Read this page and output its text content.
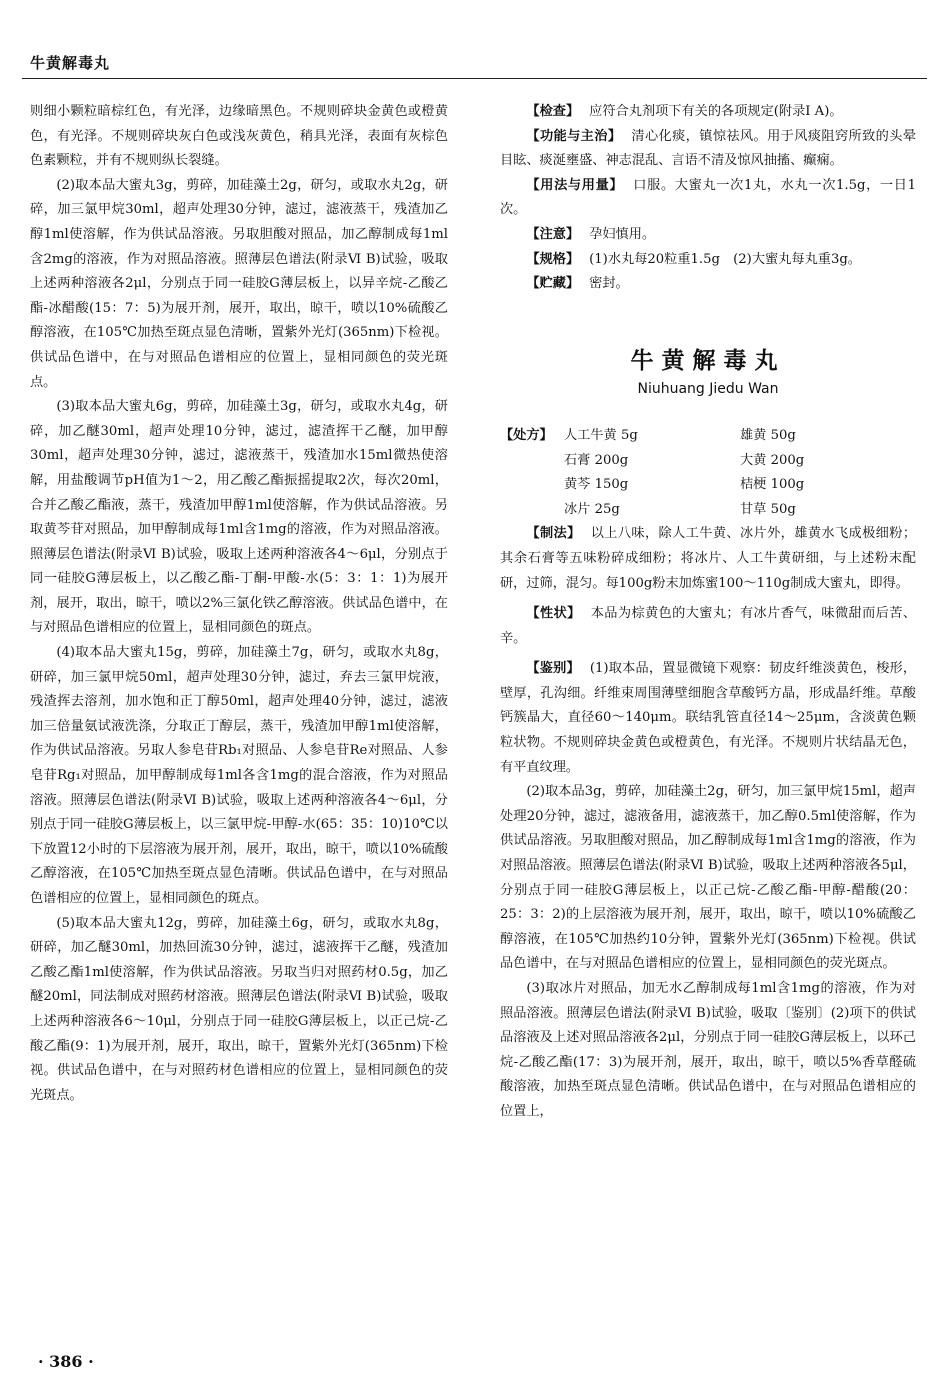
牛黄解毒丸

则细小颗粒暗棕红色，有光泽，边缘暗黑色。不规则碎块金黄色或橙黄色，有光泽。不规则碎块灰白色或浅灰黄色，稍具光泽，表面有灰棕色色素颗粒，并有不规则纵长裂缝。

(2)取本品大蜜丸3g，剪碎，加硅藻土2g，研匀，或取水丸2g，研碎，加三氯甲烷30ml，超声处理30分钟，滤过，滤液蒸干，残渣加乙醇1ml使溶解，作为供试品溶液。另取胆酸对照品，加乙醇制成每1ml含2mg的溶液，作为对照品溶液。照薄层色谱法(附录Ⅵ B)试验，吸取上述两种溶液各2μl，分别点于同一硅胶G薄层板上，以异辛烷-乙酸乙酯-冰醋酸(15：7：5)为展开剂，展开，取出，晾干，喷以10%硫酸乙醇溶液，在105℃加热至斑点显色清晰，置紫外光灯(365nm)下检视。供试品色谱中，在与对照品色谱相应的位置上，显相同颜色的荧光斑点。

(3)取本品大蜜丸6g，剪碎，加硅藻土3g，研匀，或取水丸4g，研碎，加乙醚30ml，超声处理10分钟，滤过，滤渣挥干乙醚，加甲醇30ml，超声处理30分钟，滤过，滤液蒸干，残渣加水15ml微热使溶解，用盐酸调节pH值为1～2，用乙酸乙酯振摇提取2次，每次20ml，合并乙酸乙酯液，蒸干，残渣加甲醇1ml使溶解，作为供试品溶液。另取黄芩苷对照品，加甲醇制成每1ml含1mg的溶液，作为对照品溶液。照薄层色谱法(附录Ⅵ B)试验，吸取上述两种溶液各4～6μl，分别点于同一硅胶G薄层板上，以乙酸乙酯-丁酮-甲酸-水(5：3：1：1)为展开剂，展开，取出，晾干，喷以2%三氯化铁乙醇溶液。供试品色谱中，在与对照品色谱相应的位置上，显相同颜色的斑点。

(4)取本品大蜜丸15g，剪碎，加硅藻土7g，研匀，或取水丸8g，研碎，加三氯甲烷50ml，超声处理30分钟，滤过，弃去三氯甲烷液，残渣挥去溶剂，加水饱和正丁醇50ml，超声处理40分钟，滤过，滤液加三倍量氨试液洗涤，分取正丁醇层，蒸干，残渣加甲醇1ml使溶解，作为供试品溶液。另取人参皂苷Rb₁对照品、人参皂苷Re对照品、人参皂苷Rg₁对照品，加甲醇制成每1ml各含1mg的混合溶液，作为对照品溶液。照薄层色谱法(附录Ⅵ B)试验，吸取上述两种溶液各4～6μl，分别点于同一硅胶G薄层板上，以三氯甲烷-甲醇-水(65：35：10)10℃以下放置12小时的下层溶液为展开剂，展开，取出，晾干，喷以10%硫酸乙醇溶液，在105℃加热至斑点显色清晰。供试品色谱中，在与对照品色谱相应的位置上，显相同颜色的斑点。

(5)取本品大蜜丸12g，剪碎，加硅藻土6g，研匀，或取水丸8g，研碎，加乙醚30ml，加热回流30分钟，滤过，滤液挥干乙醚，残渣加乙酸乙酯1ml使溶解，作为供试品溶液。另取当归对照药材0.5g，加乙醚20ml，同法制成对照药材溶液。照薄层色谱法(附录Ⅵ B)试验，吸取上述两种溶液各6～10μl，分别点于同一硅胶G薄层板上，以正己烷-乙酸乙酯(9：1)为展开剂，展开，取出，晾干，置紫外光灯(365nm)下检视。供试品色谱中，在与对照药材色谱相应的位置上，显相同颜色的荧光斑点。

【检查】 应符合丸剂项下有关的各项规定(附录Ⅰ A)。

【功能与主治】 清心化痰，镇惊祛风。用于风痰阻窍所致的头晕目眩、痰涎壅盛、神志混乱、言语不清及惊风抽搐、癫痫。

【用法与用量】 口服。大蜜丸一次1丸，水丸一次1.5g，一日1次。

【注意】 孕妇慎用。

【规格】 (1)水丸每20粒重1.5g　(2)大蜜丸每丸重3g。

【贮藏】 密封。

牛黄解毒丸
Niuhuang Jiedu Wan
【处方】 人工牛黄 5g	雄黄 50g
石膏 200g	大黄 200g
黄芩 150g	桔梗 100g
冰片 25g	甘草 50g

【制法】 以上八味，除人工牛黄、冰片外，雄黄水飞成极细粉；其余石膏等五味粉碎成细粉；将冰片、人工牛黄研细，与上述粉末配研，过筛，混匀。每100g粉末加炼蜜100～110g制成大蜜丸，即得。

【性状】 本品为棕黄色的大蜜丸；有冰片香气，味微甜而后苦、辛。

【鉴别】 (1)取本品，置显微镜下观察：韧皮纤维淡黄色，梭形，壁厚，孔沟细。纤维束周围薄壁细胞含草酸钙方晶，形成晶纤维。草酸钙簇晶大，直径60～140μm。联结乳管直径14～25μm，含淡黄色颗粒状物。不规则碎块金黄色或橙黄色，有光泽。不规则片状结晶无色，有平直纹理。

(2)取本品3g，剪碎，加硅藻土2g，研匀，加三氯甲烷15ml，超声处理20分钟，滤过，滤液备用，滤液蒸干，加乙醇0.5ml使溶解，作为供试品溶液。另取胆酸对照品，加乙醇制成每1ml含1mg的溶液，作为对照品溶液。照薄层色谱法(附录Ⅵ B)试验，吸取上述两种溶液各5μl，分别点于同一硅胶G薄层板上，以正己烷-乙酸乙酯-甲醇-醋酸(20：25：3：2)的上层溶液为展开剂，展开，取出，晾干，喷以10%硫酸乙醇溶液，在105℃加热约10分钟，置紫外光灯(365nm)下检视。供试品色谱中，在与对照品色谱相应的位置上，显相同颜色的荧光斑点。

(3)取冰片对照品，加无水乙醇制成每1ml含1mg的溶液，作为对照品溶液。照薄层色谱法(附录Ⅵ B)试验，吸取〔鉴别〕(2)项下的供试品溶液及上述对照品溶液各2μl，分别点于同一硅胶G薄层板上，以环己烷-乙酸乙酯(17：3)为展开剂，展开，取出，晾干，喷以5%香草醛硫酸溶液，加热至斑点显色清晰。供试品色谱中，在与对照品色谱相应的位置上，

· 386 ·
